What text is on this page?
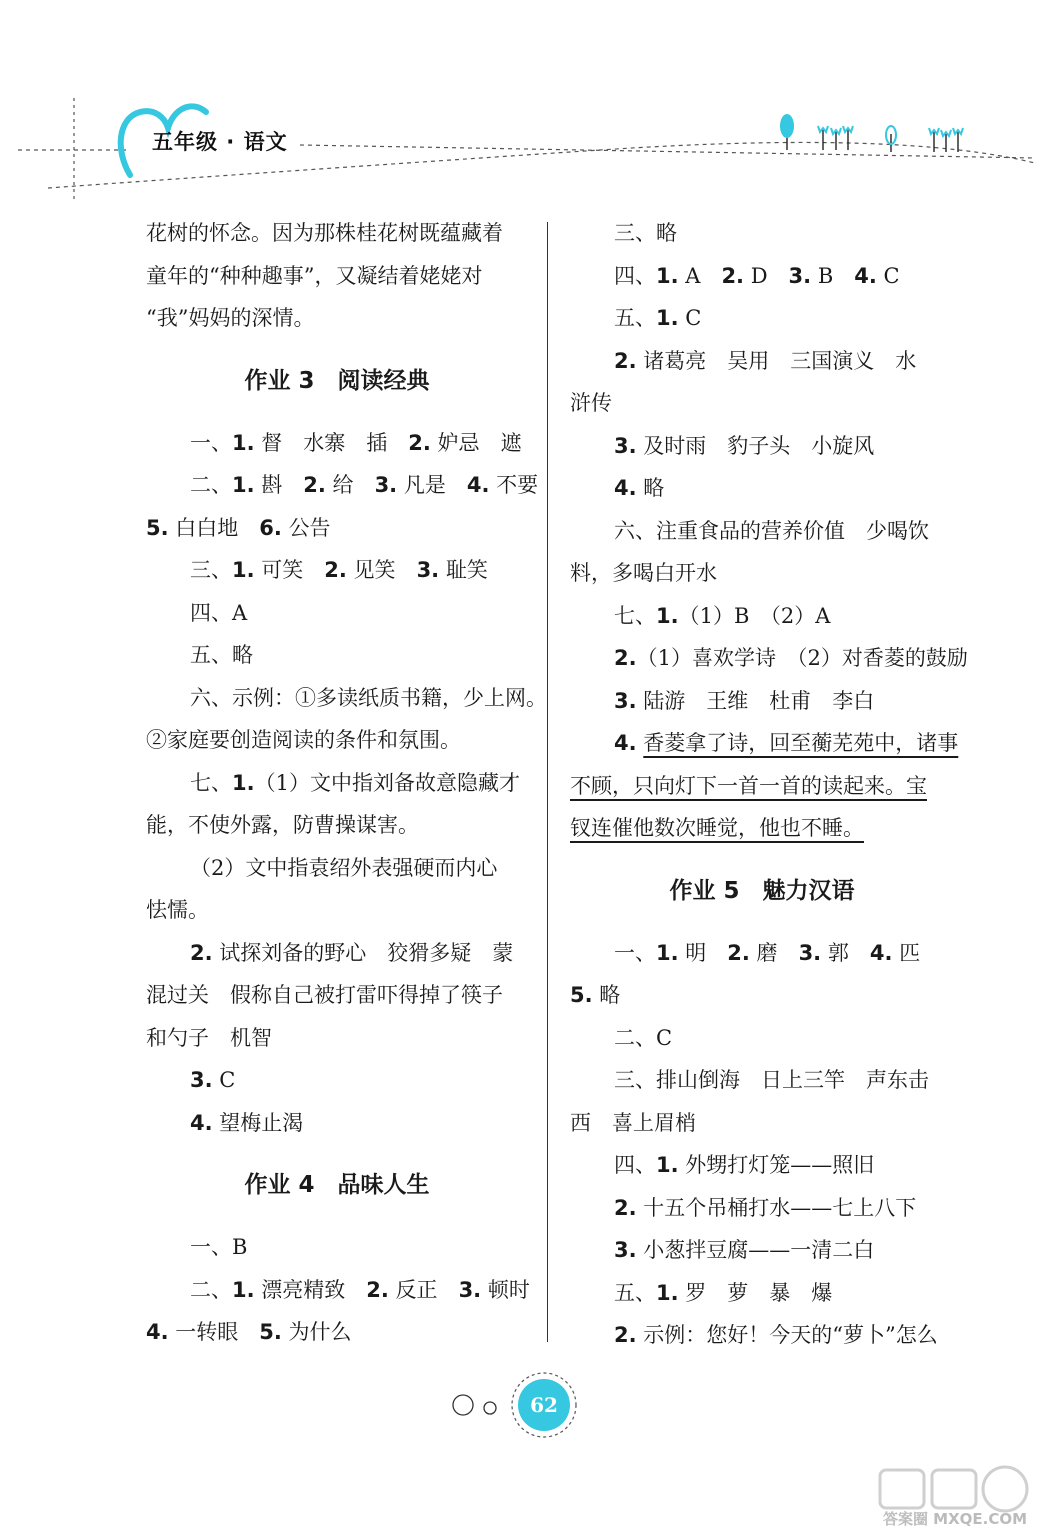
五年级 · 语文
花树的怀念。因为那株桂花树既蕴藏着
童年的“种种趣事”，又凝结着姥姥对
“我”妈妈的深情。
作业 3　阅读经典
一、1. 督　水寨　插　2. 妒忌　遮
二、1. 斟　2. 给　3. 凡是　4. 不要
5. 白白地　6. 公告
三、1. 可笑　2. 见笑　3. 耻笑
四、A
五、略
六、示例：①多读纸质书籍，少上网。
②家庭要创造阅读的条件和氛围。
七、1.（1）文中指刘备故意隐藏才
能，不使外露，防曹操谋害。
（2）文中指袁绍外表强硬而内心
怯懦。
2. 试探刘备的野心　狡猾多疑　蒙
混过关　假称自己被打雷吓得掉了筷子
和勺子　机智
3. C
4. 望梅止渴
作业 4　品味人生
一、B
二、1. 漂亮精致　2. 反正　3. 顿时
4. 一转眼　5. 为什么
三、略
四、1. A　2. D　3. B　4. C
五、1. C
2. 诸葛亮　吴用　三国演义　水
浒传
3. 及时雨　豹子头　小旋风
4. 略
六、注重食品的营养价值　少喝饮
料，多喝白开水
七、1.（1）B　（2）A
2.（1）喜欢学诗　（2）对香菱的鼓励
3. 陆游　王维　杜甫　李白
4. 香菱拿了诗，回至蘅芜苑中，诸事
不顾，只向灯下一首一首的读起来。宝
钗连催他数次睡觉，他也不睡。
作业 5　魅力汉语
一、1. 明　2. 磨　3. 郭　4. 匹
5. 略
二、C
三、排山倒海　日上三竿　声东击
西　喜上眉梢
四、1. 外甥打灯笼——照旧
2. 十五个吊桶打水——七上八下
3. 小葱拌豆腐——一清二白
五、1. 罗　萝　暴　爆
2. 示例：您好！今天的“萝卜”怎么
62
答案圈 MXQE.COM
